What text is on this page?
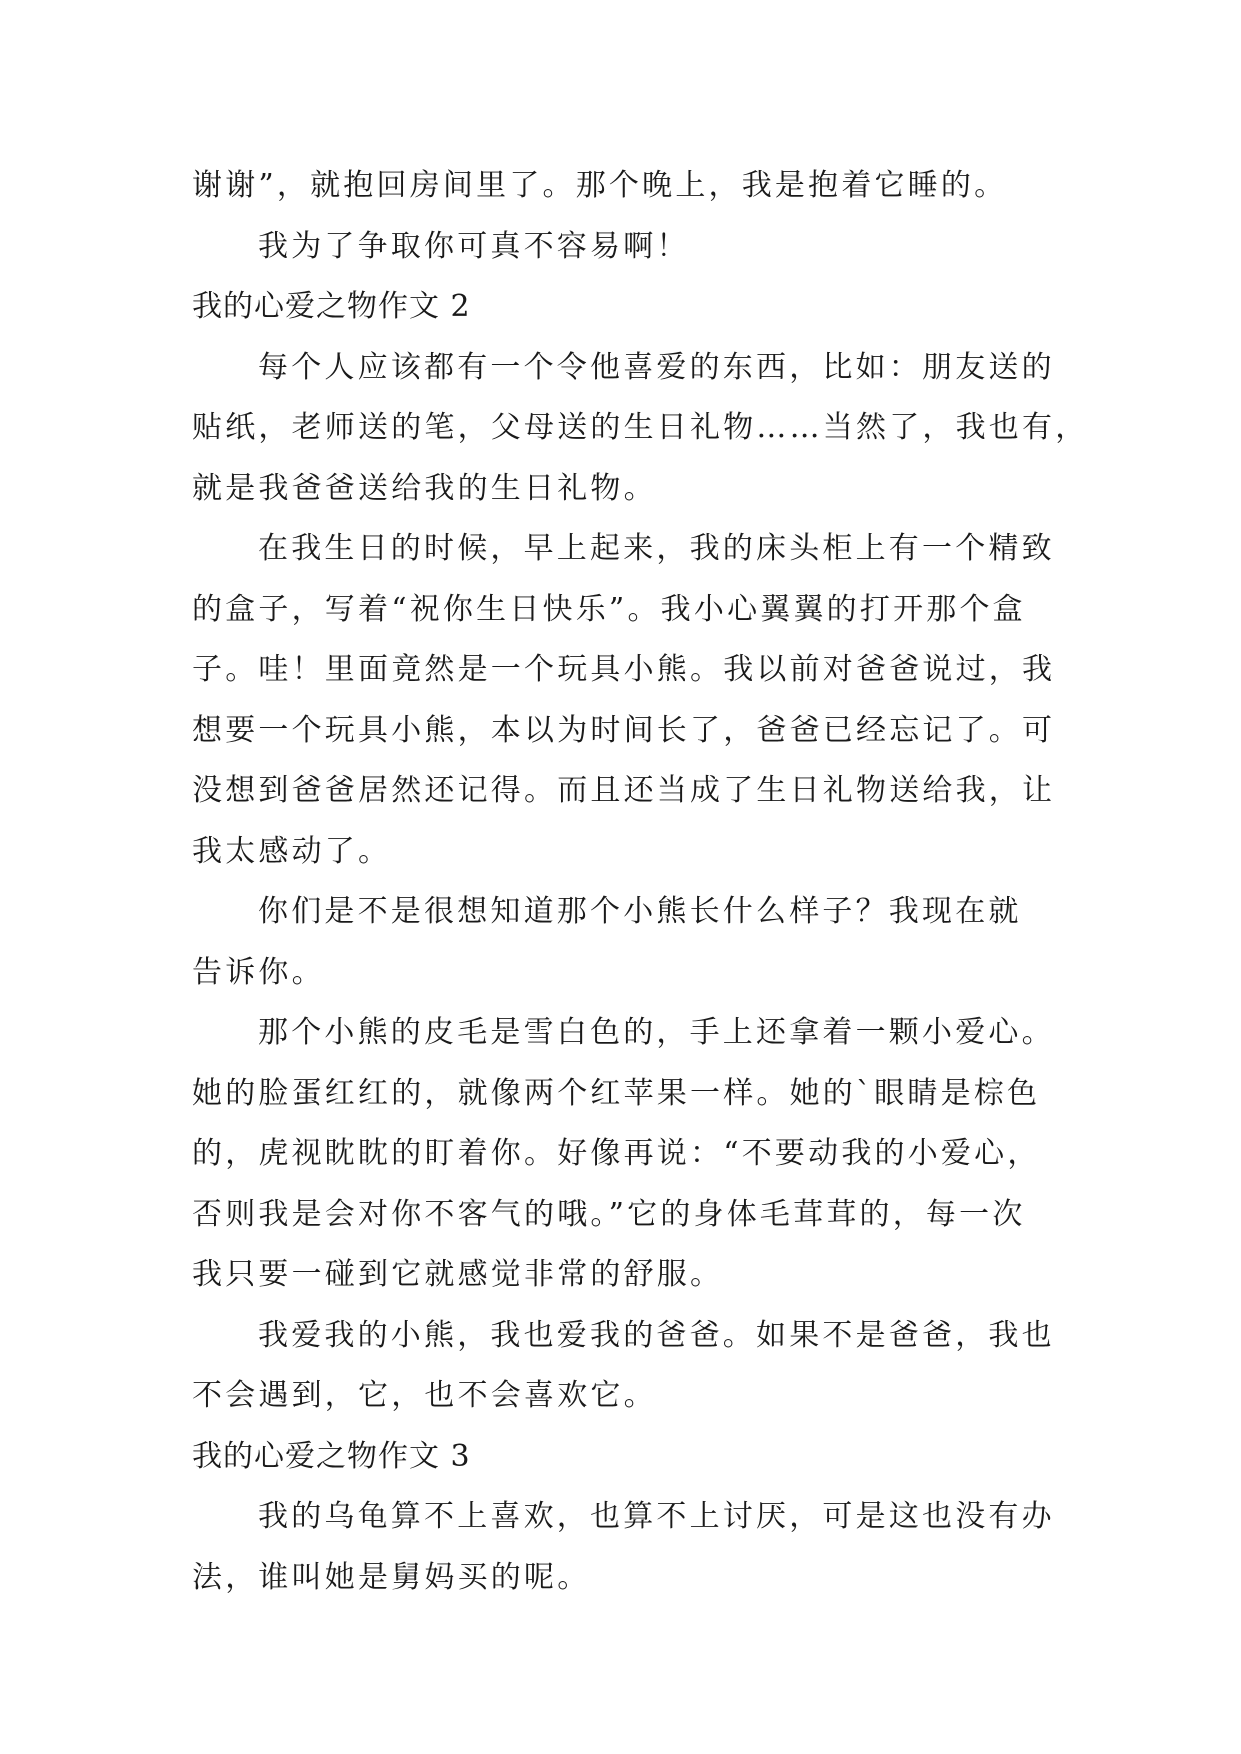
谢谢”，就抱回房间里了。那个晚上，我是抱着它睡的。
我为了争取你可真不容易啊！
我的心爱之物作文 2
每个人应该都有一个令他喜爱的东西，比如：朋友送的
贴纸，老师送的笔，父母送的生日礼物……当然了，我也有，
就是我爸爸送给我的生日礼物。
在我生日的时候，早上起来，我的床头柜上有一个精致
的盒子，写着“祝你生日快乐”。我小心翼翼的打开那个盒
子。哇！里面竟然是一个玩具小熊。我以前对爸爸说过，我
想要一个玩具小熊，本以为时间长了，爸爸已经忘记了。可
没想到爸爸居然还记得。而且还当成了生日礼物送给我，让
我太感动了。
你们是不是很想知道那个小熊长什么样子？我现在就
告诉你。
那个小熊的皮毛是雪白色的，手上还拿着一颗小爱心。
她的脸蛋红红的，就像两个红苹果一样。她的`眼睛是棕色
的，虎视眈眈的盯着你。好像再说：“不要动我的小爱心，
否则我是会对你不客气的哦。”它的身体毛茸茸的，每一次
我只要一碰到它就感觉非常的舒服。
我爱我的小熊，我也爱我的爸爸。如果不是爸爸，我也
不会遇到，它，也不会喜欢它。
我的心爱之物作文 3
我的乌龟算不上喜欢，也算不上讨厌，可是这也没有办
法，谁叫她是舅妈买的呢。
